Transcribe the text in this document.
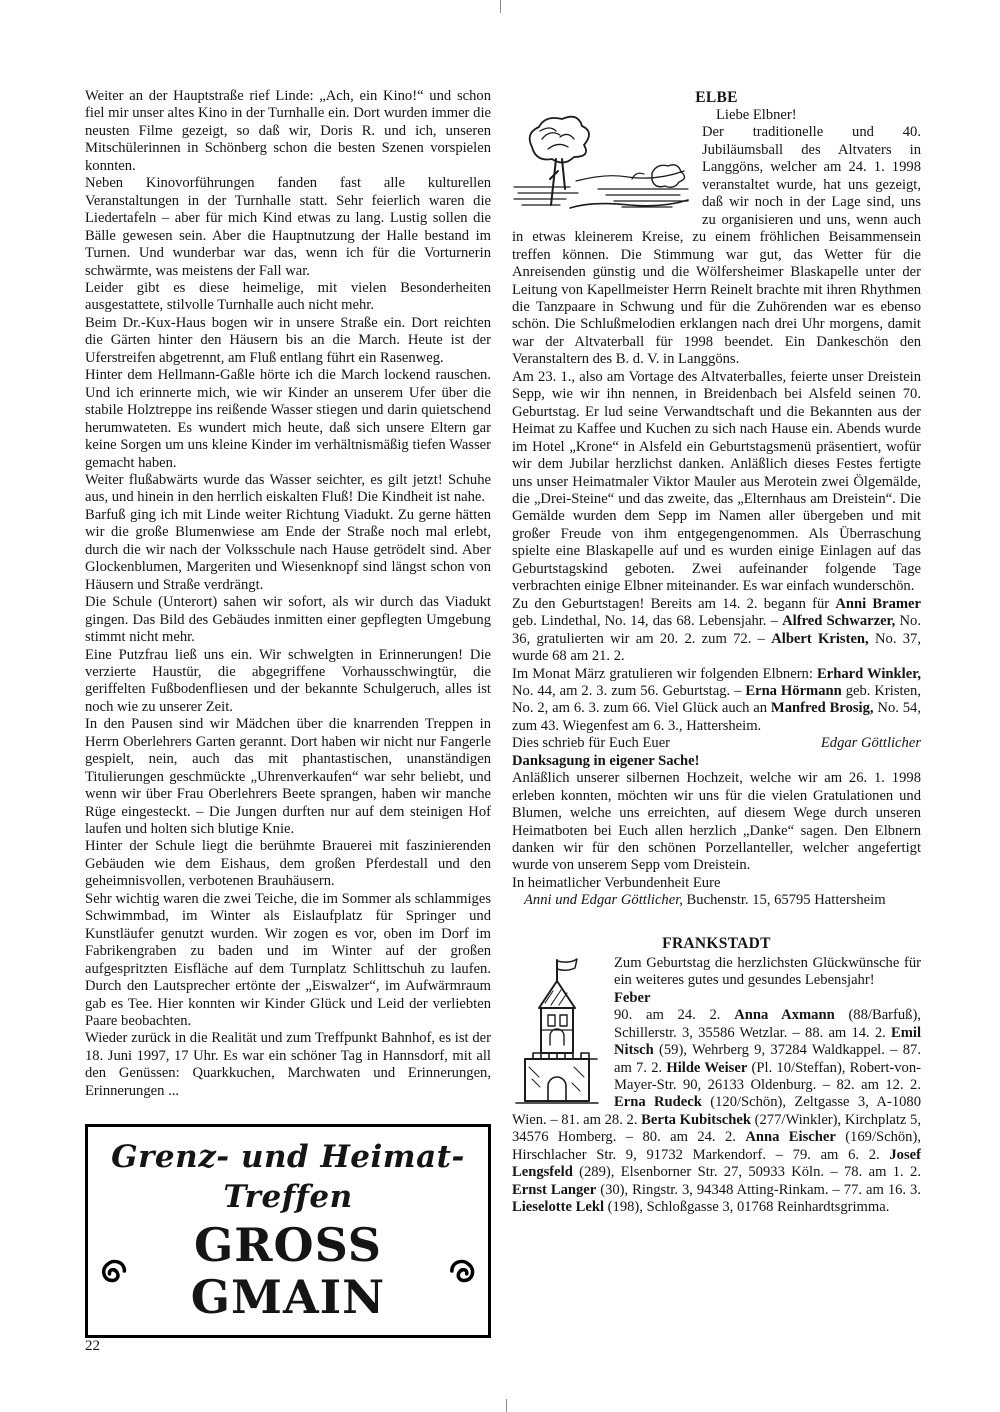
Weiter an der Hauptstraße rief Linde: „Ach, ein Kino!“ und schon fiel mir unser altes Kino in der Turnhalle ein. Dort wurden immer die neusten Filme gezeigt, so daß wir, Doris R. und ich, unseren Mitschülerinnen in Schönberg schon die besten Szenen vorspielen konnten.

Neben Kinovorführungen fanden fast alle kulturellen Veranstaltungen in der Turnhalle statt. Sehr feierlich waren die Liedertafeln – aber für mich Kind etwas zu lang. Lustig sollen die Bälle gewesen sein. Aber die Hauptnutzung der Halle bestand im Turnen. Und wunderbar war das, wenn ich für die Vorturnerin schwärmte, was meistens der Fall war.

Leider gibt es diese heimelige, mit vielen Besonderheiten ausgestattete, stilvolle Turnhalle auch nicht mehr.

Beim Dr.-Kux-Haus bogen wir in unsere Straße ein. Dort reichten die Gärten hinter den Häusern bis an die March. Heute ist der Uferstreifen abgetrennt, am Fluß entlang führt ein Rasenweg.

Hinter dem Hellmann-Gaßle hörte ich die March lockend rauschen. Und ich erinnerte mich, wie wir Kinder an unserem Ufer über die stabile Holztreppe ins reißende Wasser stiegen und darin quietschend herumwateten. Es wundert mich heute, daß sich unsere Eltern gar keine Sorgen um uns kleine Kinder im verhältnismäßig tiefen Wasser gemacht haben.

Weiter flußabwärts wurde das Wasser seichter, es gilt jetzt! Schuhe aus, und hinein in den herrlich eiskalten Fluß! Die Kindheit ist nahe.

Barfuß ging ich mit Linde weiter Richtung Viadukt. Zu gerne hätten wir die große Blumenwiese am Ende der Straße noch mal erlebt, durch die wir nach der Volksschule nach Hause getrödelt sind. Aber Glockenblumen, Margeriten und Wiesenknopf sind längst schon von Häusern und Straße verdrängt.

Die Schule (Unterort) sahen wir sofort, als wir durch das Viadukt gingen. Das Bild des Gebäudes inmitten einer gepflegten Umgebung stimmt nicht mehr.

Eine Putzfrau ließ uns ein. Wir schwelgten in Erinnerungen! Die verzierte Haustür, die abgegriffene Vorhausschwingtür, die geriffelten Fußbodenfliesen und der bekannte Schulgeruch, alles ist noch wie zu unserer Zeit.

In den Pausen sind wir Mädchen über die knarrenden Treppen in Herrn Oberlehrers Garten gerannt. Dort haben wir nicht nur Fangerle gespielt, nein, auch das mit phantastischen, unanständigen Titulierungen geschmückte „Uhrenverkaufen“ war sehr beliebt, und wenn wir über Frau Oberlehrers Beete sprangen, haben wir manche Rüge eingesteckt. – Die Jungen durften nur auf dem steinigen Hof laufen und holten sich blutige Knie.

Hinter der Schule liegt die berühmte Brauerei mit faszinierenden Gebäuden wie dem Eishaus, dem großen Pferdestall und den geheimnisvollen, verbotenen Brauhäusern.

Sehr wichtig waren die zwei Teiche, die im Sommer als schlammiges Schwimmbad, im Winter als Eislaufplatz für Springer und Kunstläufer genutzt wurden. Wir zogen es vor, oben im Dorf im Fabrikengraben zu baden und im Winter auf der großen aufgespritzten Eisfläche auf dem Turnplatz Schlittschuh zu laufen. Durch den Lautsprecher ertönte der „Eiswalzer“, im Aufwärmraum gab es Tee. Hier konnten wir Kinder Glück und Leid der verliebten Paare beobachten.

Wieder zurück in die Realität und zum Treffpunkt Bahnhof, es ist der 18. Juni 1997, 17 Uhr. Es war ein schöner Tag in Hannsdorf, mit all den Genüssen: Quarkkuchen, Marchwaten und Erinnerungen, Erinnerungen ...

Grenz- und Heimat-Treffen
GROSS GMAIN
ELBE

Liebe Elbner!

Der traditionelle und 40. Jubiläumsball des Altvaters in Langgöns, welcher am 24. 1. 1998 veranstaltet wurde, hat uns gezeigt, daß wir noch in der Lage sind, uns zu organisieren und uns, wenn auch in etwas kleinerem Kreise, zu einem fröhlichen Beisammensein treffen können. Die Stimmung war gut, das Wetter für die Anreisenden günstig und die Wölfersheimer Blaskapelle unter der Leitung von Kapellmeister Herrn Reinelt brachte mit ihren Rhythmen die Tanzpaare in Schwung und für die Zuhörenden war es ebenso schön. Die Schlußmelodien erklangen nach drei Uhr morgens, damit war der Altvaterball für 1998 beendet. Ein Dankeschön den Veranstaltern des B. d. V. in Langgöns.

Am 23. 1., also am Vortage des Altvaterballes, feierte unser Dreistein Sepp, wie wir ihn nennen, in Breidenbach bei Alsfeld seinen 70. Geburtstag. Er lud seine Verwandtschaft und die Bekannten aus der Heimat zu Kaffee und Kuchen zu sich nach Hause ein. Abends wurde im Hotel „Krone“ in Alsfeld ein Geburtstagsmenü präsentiert, wofür wir dem Jubilar herzlichst danken. Anläßlich dieses Festes fertigte uns unser Heimatmaler Viktor Mauler aus Merotein zwei Ölgemälde, die „Drei-Steine“ und das zweite, das „Elternhaus am Dreistein“. Die Gemälde wurden dem Sepp im Namen aller übergeben und mit großer Freude von ihm entgegengenommen. Als Überraschung spielte eine Blaskapelle auf und es wurden einige Einlagen auf das Geburtstagskind geboten. Zwei aufeinander folgende Tage verbrachten einige Elbner miteinander. Es war einfach wunderschön.

Zu den Geburtstagen! Bereits am 14. 2. begann für Anni Bramer geb. Lindethal, No. 14, das 68. Lebensjahr. – Alfred Schwarzer, No. 36, gratulierten wir am 20. 2. zum 72. – Albert Kristen, No. 37, wurde 68 am 21. 2.

Im Monat März gratulieren wir folgenden Elbnern: Erhard Winkler, No. 44, am 2. 3. zum 56. Geburtstag. – Erna Hörmann geb. Kristen, No. 2, am 6. 3. zum 66. Viel Glück auch an Manfred Brosig, No. 54, zum 43. Wiegenfest am 6. 3., Hattersheim.

Dies schrieb für Euch Euer	Edgar Göttlicher

Danksagung in eigener Sache!

Anläßlich unserer silbernen Hochzeit, welche wir am 26. 1. 1998 erleben konnten, möchten wir uns für die vielen Gratulationen und Blumen, welche uns erreichten, auf diesem Wege durch unseren Heimatboten bei Euch allen herzlich „Danke“ sagen. Den Elbnern danken wir für den schönen Porzellanteller, welcher angefertigt wurde von unserem Sepp vom Dreistein.

In heimatlicher Verbundenheit Eure

Anni und Edgar Göttlicher, Buchenstr. 15, 65795 Hattersheim

FRANKSTADT

Zum Geburtstag die herzlichsten Glückwünsche für ein weiteres gutes und gesundes Lebensjahr!

Feber

90. am 24. 2. Anna Axmann (88/Barfuß), Schillerstr. 3, 35586 Wetzlar. – 88. am 14. 2. Emil Nitsch (59), Wehrberg 9, 37284 Waldkappel. – 87. am 7. 2. Hilde Weiser (Pl. 10/Steffan), Robert-von-Mayer-Str. 90, 26133 Oldenburg. – 82. am 12. 2. Erna Rudeck (120/Schön), Zeltgasse 3, A-1080 Wien. – 81. am 28. 2. Berta Kubitschek (277/Winkler), Kirchplatz 5, 34576 Homberg. – 80. am 24. 2. Anna Eischer (169/Schön), Hirschlacher Str. 9, 91732 Markendorf. – 79. am 6. 2. Josef Lengsfeld (289), Elsenborner Str. 27, 50933 Köln. – 78. am 1. 2. Ernst Langer (30), Ringstr. 3, 94348 Atting-Rinkam. – 77. am 16. 3. Lieselotte Lekl (198), Schloßgasse 3, 01768 Reinhardtsgrimma.

22
